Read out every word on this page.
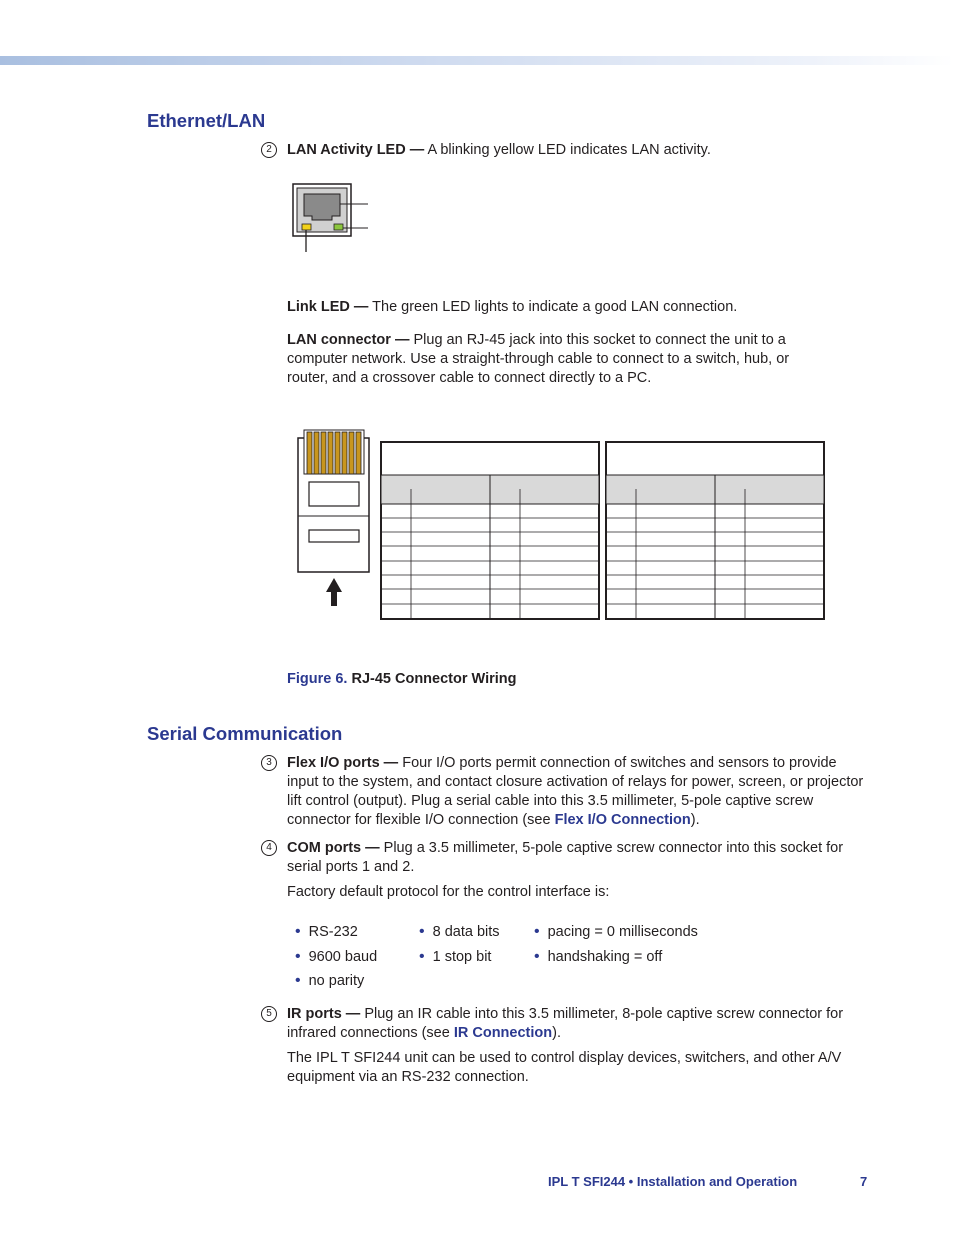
Ethernet/LAN
2	LAN Activity LED — A blinking yellow LED indicates LAN activity.
Link LED — The green LED lights to indicate a good LAN connection.
LAN connector — Plug an RJ-45 jack into this socket to connect the unit to a computer network. Use a straight-through cable to connect to a switch, hub, or router, and a crossover cable to connect directly to a PC.
Figure 6. RJ-45 Connector Wiring
Serial Communication
3	Flex I/O ports — Four I/O ports permit connection of switches and sensors to provide input to the system, and contact closure activation of relays for power, screen, or projector lift control (output). Plug a serial cable into this 3.5 millimeter, 5-pole captive screw connector for flexible I/O connection (see Flex I/O Connection).
4	COM ports — Plug a 3.5 millimeter, 5-pole captive screw connector into this socket for serial ports 1 and 2.
Factory default protocol for the control interface is:
• RS-232
• 9600 baud
• no parity
• 8 data bits
• 1 stop bit
• pacing = 0 milliseconds
• handshaking = off
5	IR ports — Plug an IR cable into this 3.5 millimeter, 8-pole captive screw connector for infrared connections (see IR Connection).
The IPL T SFI244 unit can be used to control display devices, switchers, and other A/V equipment via an RS-232 connection.
IPL T SFI244 • Installation and Operation	7
